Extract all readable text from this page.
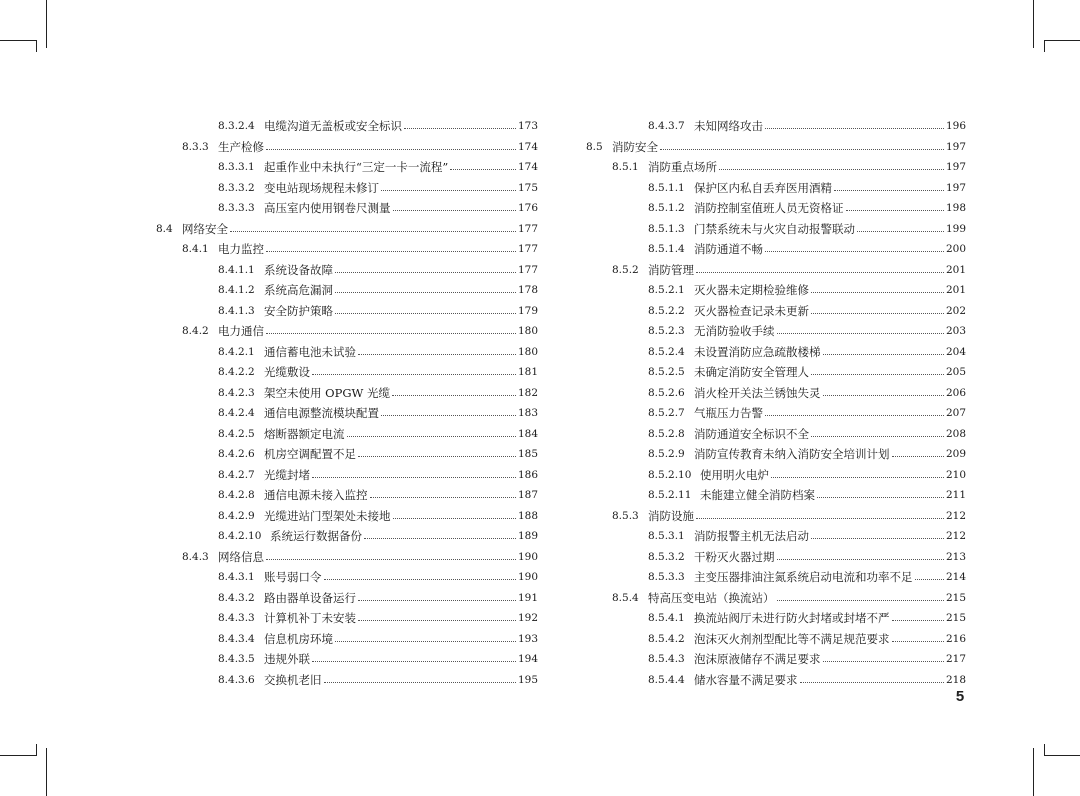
8.3.2.4 电缆沟道无盖板或安全标识	173
8.3.3 生产检修	174
8.3.3.1 起重作业中未执行“三定一卡一流程”	174
8.3.3.2 变电站现场规程未修订	175
8.3.3.3 高压室内使用钢卷尺测量	176
8.4 网络安全	177
8.4.1 电力监控	177
8.4.1.1 系统设备故障	177
8.4.1.2 系统高危漏洞	178
8.4.1.3 安全防护策略	179
8.4.2 电力通信	180
8.4.2.1 通信蓄电池未试验	180
8.4.2.2 光缆敷设	181
8.4.2.3 架空未使用 OPGW 光缆	182
8.4.2.4 通信电源整流模块配置	183
8.4.2.5 熔断器额定电流	184
8.4.2.6 机房空调配置不足	185
8.4.2.7 光缆封堵	186
8.4.2.8 通信电源未接入监控	187
8.4.2.9 光缆进站门型架处未接地	188
8.4.2.10 系统运行数据备份	189
8.4.3 网络信息	190
8.4.3.1 账号弱口令	190
8.4.3.2 路由器单设备运行	191
8.4.3.3 计算机补丁未安装	192
8.4.3.4 信息机房环境	193
8.4.3.5 违规外联	194
8.4.3.6 交换机老旧	195
8.4.3.7 未知网络攻击	196
8.5 消防安全	197
8.5.1 消防重点场所	197
8.5.1.1 保护区内私自丢弃医用酒精	197
8.5.1.2 消防控制室值班人员无资格证	198
8.5.1.3 门禁系统未与火灾自动报警联动	199
8.5.1.4 消防通道不畅	200
8.5.2 消防管理	201
8.5.2.1 灭火器未定期检验维修	201
8.5.2.2 灭火器检查记录未更新	202
8.5.2.3 无消防验收手续	203
8.5.2.4 未设置消防应急疏散楼梯	204
8.5.2.5 未确定消防安全管理人	205
8.5.2.6 消火栓开关法兰锈蚀失灵	206
8.5.2.7 气瓶压力告警	207
8.5.2.8 消防通道安全标识不全	208
8.5.2.9 消防宣传教育未纳入消防安全培训计划	209
8.5.2.10 使用明火电炉	210
8.5.2.11 未能建立健全消防档案	211
8.5.3 消防设施	212
8.5.3.1 消防报警主机无法启动	212
8.5.3.2 干粉灭火器过期	213
8.5.3.3 主变压器排油注氮系统启动电流和功率不足	214
8.5.4 特高压变电站（换流站）	215
8.5.4.1 换流站阀厅未进行防火封堵或封堵不严	215
8.5.4.2 泡沫灭火剂剂型配比等不满足规范要求	216
8.5.4.3 泡沫原液储存不满足要求	217
8.5.4.4 储水容量不满足要求	218
5
